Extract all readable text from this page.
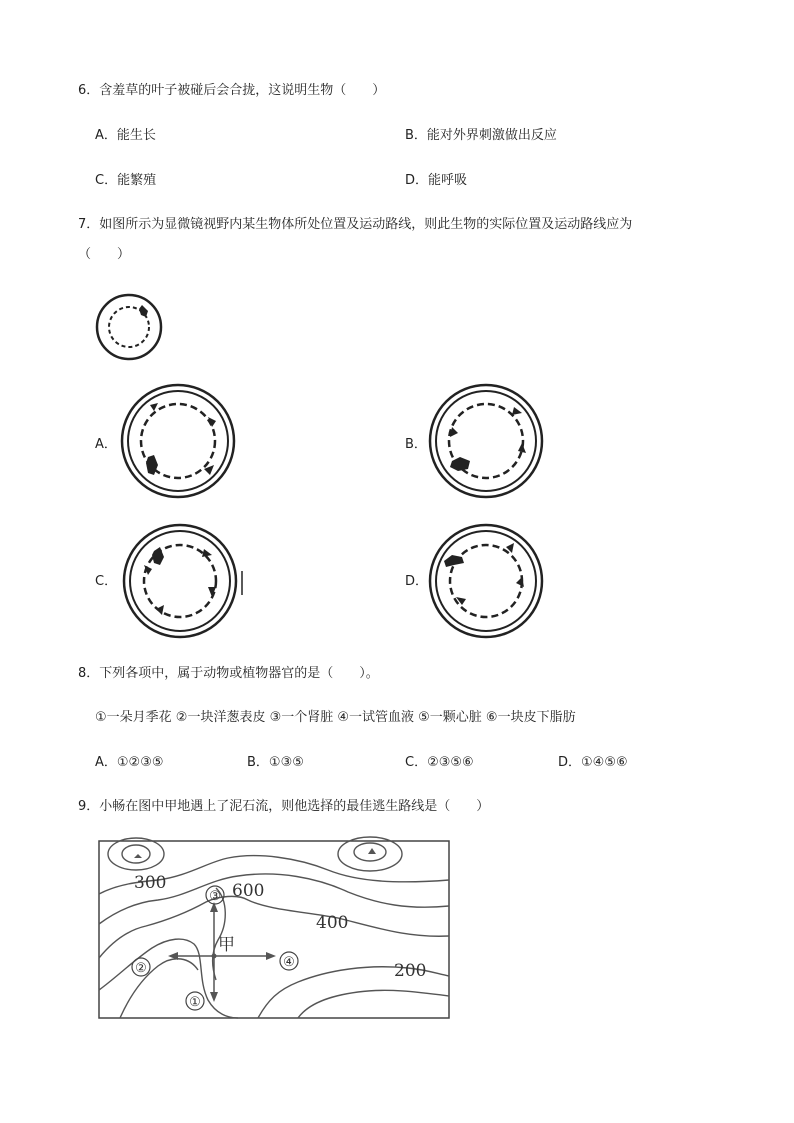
6．含羞草的叶子被碰后会合拢，这说明生物（　　）
A．能生长	B．能对外界刺激做出反应
C．能繁殖	D．能呼吸
7．如图所示为显微镜视野内某生物体所处位置及运动路线，则此生物的实际位置及运动路线应为
（　　）
A．	B．
C．	D．
8．下列各项中，属于动物或植物器官的是（　　）。
①一朵月季花 ②一块洋葱表皮 ③一个肾脏 ④一试管血液 ⑤一颗心脏 ⑥一块皮下脂肪
A．①②③⑤	B．①③⑤	C．②③⑤⑥	D．①④⑤⑥
9．小畅在图中甲地遇上了泥石流，则他选择的最佳逃生路线是（　　）
③
①
②	④
300	600
400
200
甲
